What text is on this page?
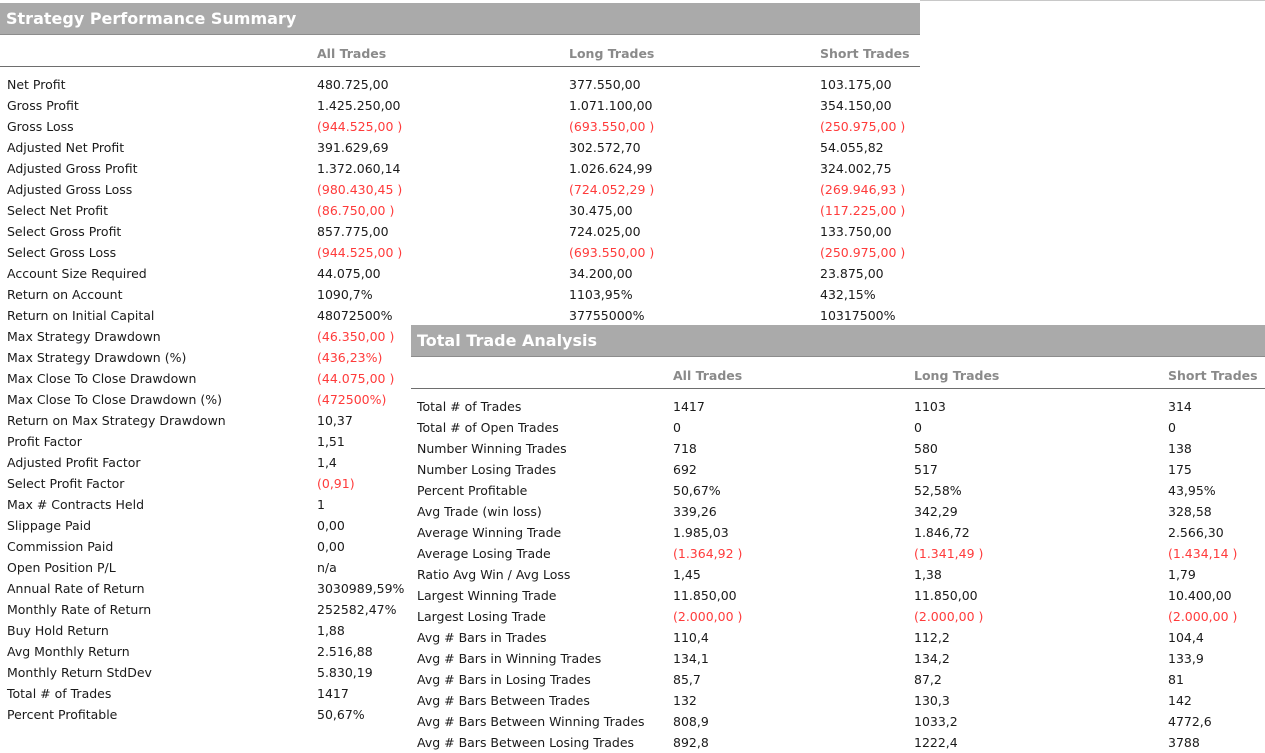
Strategy Performance Summary
All Trades	Long Trades	Short Trades
Net Profit	480.725,00	377.550,00	103.175,00
Gross Profit	1.425.250,00	1.071.100,00	354.150,00
Gross Loss	(944.525,00 )	(693.550,00 )	(250.975,00 )
Adjusted Net Profit	391.629,69	302.572,70	54.055,82
Adjusted Gross Profit	1.372.060,14	1.026.624,99	324.002,75
Adjusted Gross Loss	(980.430,45 )	(724.052,29 )	(269.946,93 )
Select Net Profit	(86.750,00 )	30.475,00	(117.225,00 )
Select Gross Profit	857.775,00	724.025,00	133.750,00
Select Gross Loss	(944.525,00 )	(693.550,00 )	(250.975,00 )
Account Size Required	44.075,00	34.200,00	23.875,00
Return on Account	1090,7%	1103,95%	432,15%
Return on Initial Capital	48072500%	37755000%	10317500%
Max Strategy Drawdown	(46.350,00 )
Max Strategy Drawdown (%)	(436,23%)
Max Close To Close Drawdown	(44.075,00 )
Max Close To Close Drawdown (%)	(472500%)
Return on Max Strategy Drawdown	10,37
Profit Factor	1,51
Adjusted Profit Factor	1,4
Select Profit Factor	(0,91)
Max # Contracts Held	1
Slippage Paid	0,00
Commission Paid	0,00
Open Position P/L	n/a
Annual Rate of Return	3030989,59%
Monthly Rate of Return	252582,47%
Buy Hold Return	1,88
Avg Monthly Return	2.516,88
Monthly Return StdDev	5.830,19
Total # of Trades	1417
Percent Profitable	50,67%
Total Trade Analysis
All Trades	Long Trades	Short Trades
Total # of Trades	1417	1103	314
Total # of Open Trades	0	0	0
Number Winning Trades	718	580	138
Number Losing Trades	692	517	175
Percent Profitable	50,67%	52,58%	43,95%
Avg Trade (win loss)	339,26	342,29	328,58
Average Winning Trade	1.985,03	1.846,72	2.566,30
Average Losing Trade	(1.364,92 )	(1.341,49 )	(1.434,14 )
Ratio Avg Win / Avg Loss	1,45	1,38	1,79
Largest Winning Trade	11.850,00	11.850,00	10.400,00
Largest Losing Trade	(2.000,00 )	(2.000,00 )	(2.000,00 )
Avg # Bars in Trades	110,4	112,2	104,4
Avg # Bars in Winning Trades	134,1	134,2	133,9
Avg # Bars in Losing Trades	85,7	87,2	81
Avg # Bars Between Trades	132	130,3	142
Avg # Bars Between Winning Trades 808,9	1033,2	4772,6
Avg # Bars Between Losing Trades	892,8	1222,4	3788
